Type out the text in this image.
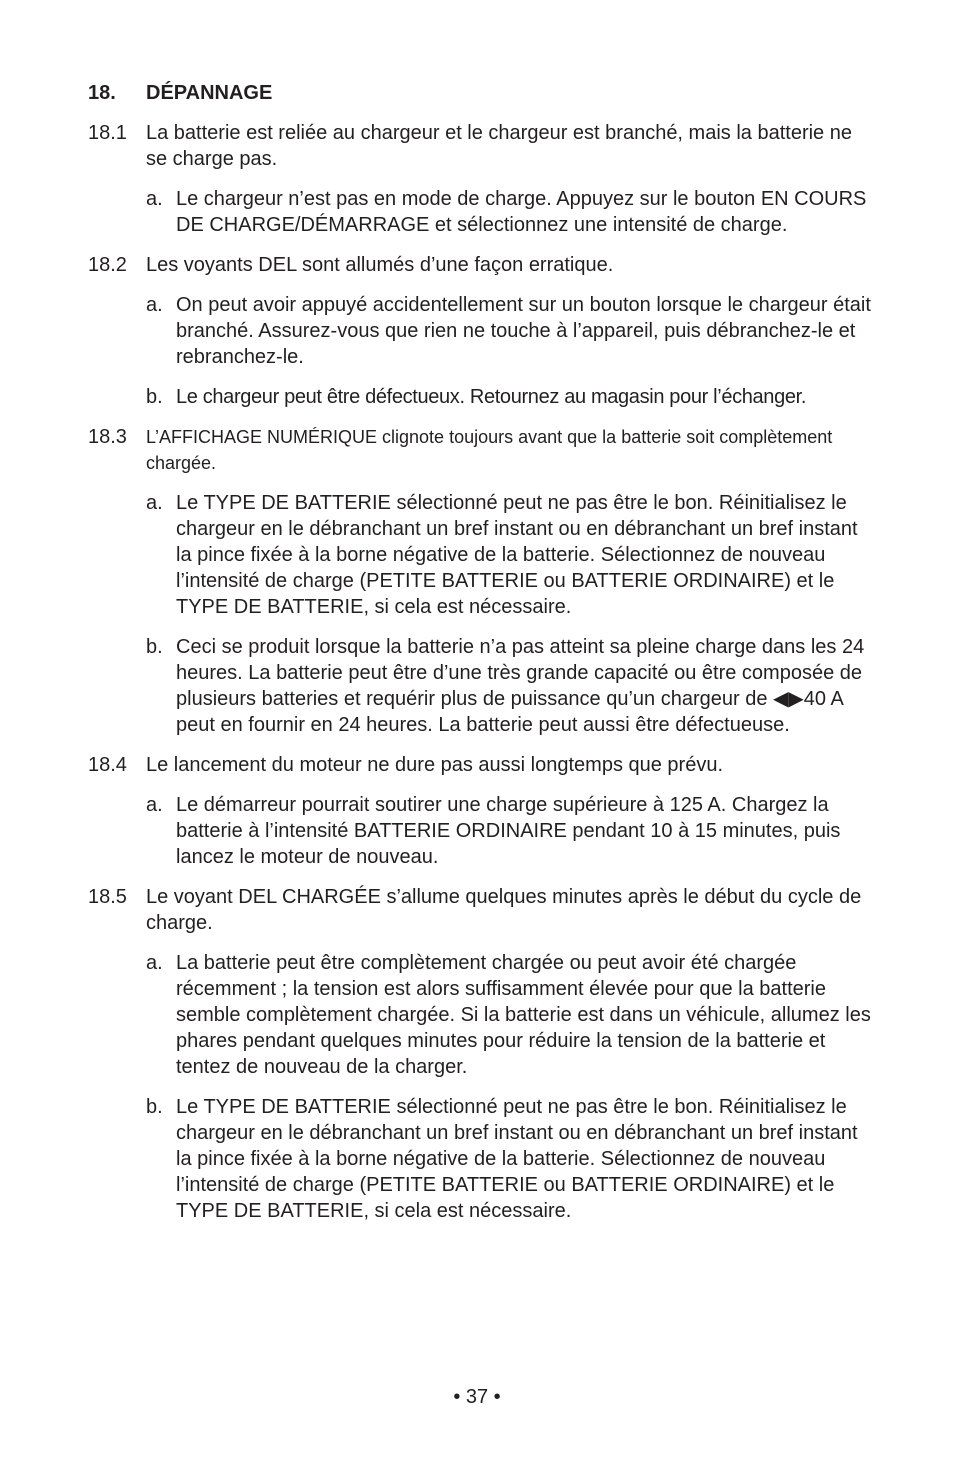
18.	DÉPANNAGE
18.1 La batterie est reliée au chargeur et le chargeur est branché, mais la batterie ne se charge pas.
a. Le chargeur n’est pas en mode de charge. Appuyez sur le bouton EN COURS DE CHARGE/DÉMARRAGE et sélectionnez une intensité de charge.
18.2 Les voyants DEL sont allumés d’une façon erratique.
a. On peut avoir appuyé accidentellement sur un bouton lorsque le chargeur était branché. Assurez-vous que rien ne touche à l’appareil, puis débranchez-le et rebranchez-le.
b. Le chargeur peut être défectueux. Retournez au magasin pour l’échanger.
18.3	L’AFFICHAGE NUMÉRIQUE clignote toujours avant que la batterie soit complètement chargée.
a. Le TYPE DE BATTERIE sélectionné peut ne pas être le bon. Réinitialisez le chargeur en le débranchant un bref instant ou en débranchant un bref instant la pince fixée à la borne négative de la batterie. Sélectionnez de nouveau l’intensité de charge (PETITE BATTERIE ou BATTERIE ORDINAIRE) et le TYPE DE BATTERIE, si cela est nécessaire.
b. Ceci se produit lorsque la batterie n’a pas atteint sa pleine charge dans les 24 heures. La batterie peut être d’une très grande capacité ou être composée de plusieurs batteries et requérir plus de puissance qu’un chargeur de ◀▶40 A peut en fournir en 24 heures. La batterie peut aussi être défectueuse.
18.4 Le lancement du moteur ne dure pas aussi longtemps que prévu.
a. Le démarreur pourrait soutirer une charge supérieure à 125 A. Chargez la batterie à l’intensité BATTERIE ORDINAIRE pendant 10 à 15 minutes, puis lancez le moteur de nouveau.
18.5 Le voyant DEL CHARGÉE s’allume quelques minutes après le début du cycle de charge.
a. La batterie peut être complètement chargée ou peut avoir été chargée récemment ; la tension est alors suffisamment élevée pour que la batterie semble complètement chargée. Si la batterie est dans un véhicule, allumez les phares pendant quelques minutes pour réduire la tension de la batterie et tentez de nouveau de la charger.
b. Le TYPE DE BATTERIE sélectionné peut ne pas être le bon. Réinitialisez le chargeur en le débranchant un bref instant ou en débranchant un bref instant la pince fixée à la borne négative de la batterie. Sélectionnez de nouveau l’intensité de charge (PETITE BATTERIE ou BATTERIE ORDINAIRE) et le TYPE DE BATTERIE, si cela est nécessaire.
• 37 •
